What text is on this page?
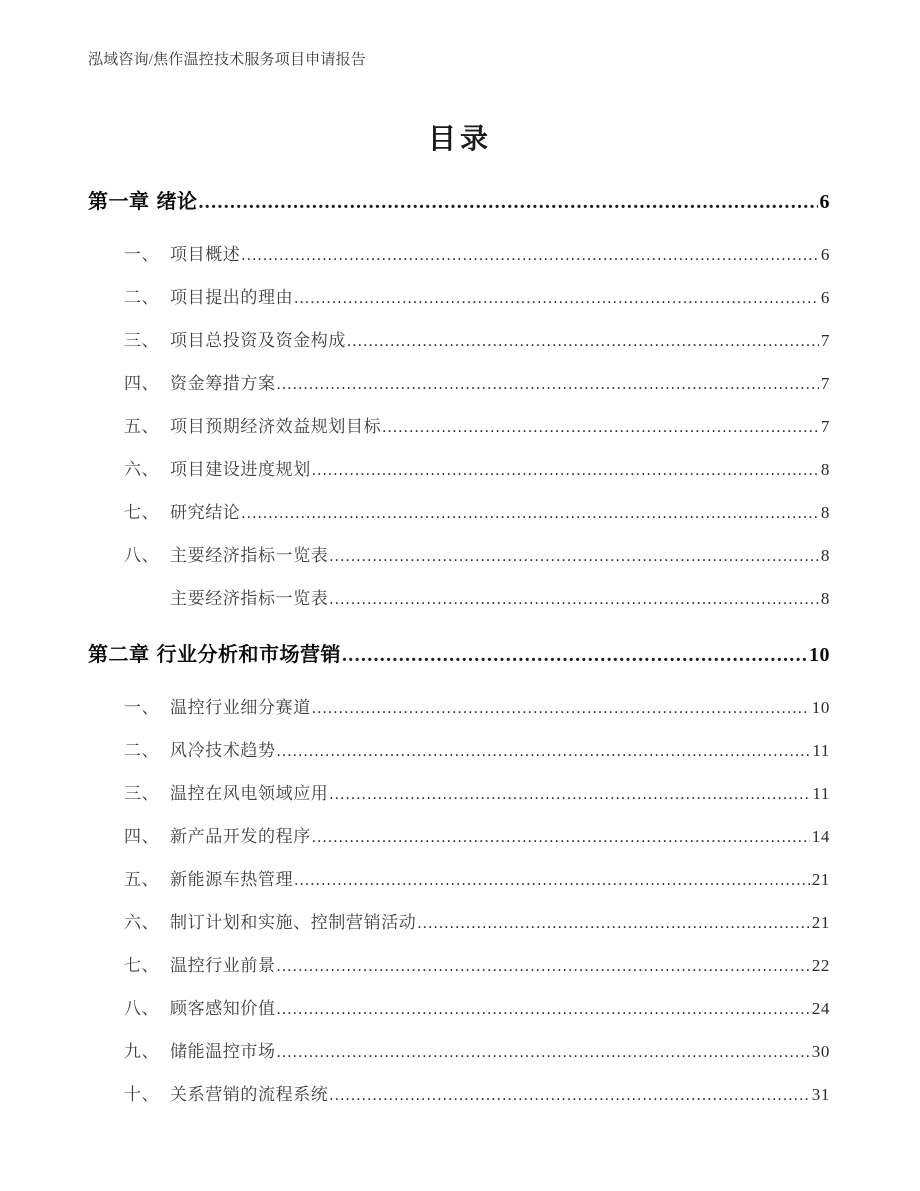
泓域咨询/焦作温控技术服务项目申请报告
目录
第一章 绪论 .....	6
一、 项目概述 .....	6
二、 项目提出的理由 .....	6
三、 项目总投资及资金构成 .....	7
四、 资金筹措方案 .....	7
五、 项目预期经济效益规划目标 .....	7
六、 项目建设进度规划 .....	8
七、 研究结论 .....	8
八、 主要经济指标一览表 .....	8
主要经济指标一览表 .....	8
第二章 行业分析和市场营销 .....	10
一、 温控行业细分赛道 .....	10
二、 风冷技术趋势 .....	11
三、 温控在风电领域应用 .....	11
四、 新产品开发的程序 .....	14
五、 新能源车热管理 .....	21
六、 制订计划和实施、控制营销活动 .....	21
七、 温控行业前景 .....	22
八、 顾客感知价值 .....	24
九、 储能温控市场 .....	30
十、 关系营销的流程系统 .....	31
